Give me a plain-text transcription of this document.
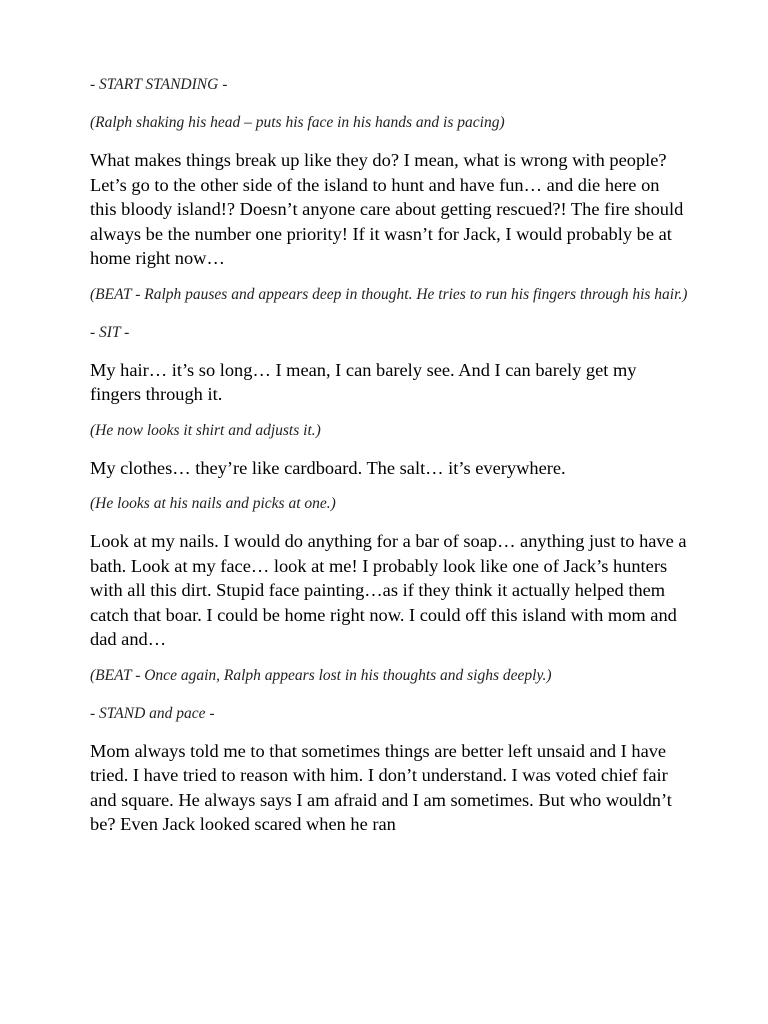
- START STANDING -

(Ralph shaking his head – puts his face in his hands and is pacing)

What makes things break up like they do? I mean, what is wrong with people? Let’s go to the other side of the island to hunt and have fun… and die here on this bloody island!? Doesn’t anyone care about getting rescued?! The fire should always be the number one priority! If it wasn’t for Jack, I would probably be at home right now…

(BEAT - Ralph pauses and appears deep in thought. He tries to run his fingers through his hair.)

- SIT -

My hair… it’s so long… I mean, I can barely see. And I can barely get my fingers through it.

(He now looks it shirt and adjusts it.)

My clothes… they’re like cardboard. The salt… it’s everywhere.

(He looks at his nails and picks at one.)

Look at my nails. I would do anything for a bar of soap… anything just to have a bath. Look at my face… look at me! I probably look like one of Jack’s hunters with all this dirt. Stupid face painting…as if they think it actually helped them catch that boar. I could be home right now. I could off this island with mom and dad and…

(BEAT - Once again, Ralph appears lost in his thoughts and sighs deeply.)

- STAND and pace -

Mom always told me to that sometimes things are better left unsaid and I have tried. I have tried to reason with him. I don’t understand. I was voted chief fair and square. He always says I am afraid and I am sometimes. But who wouldn’t be? Even Jack looked scared when he ran
